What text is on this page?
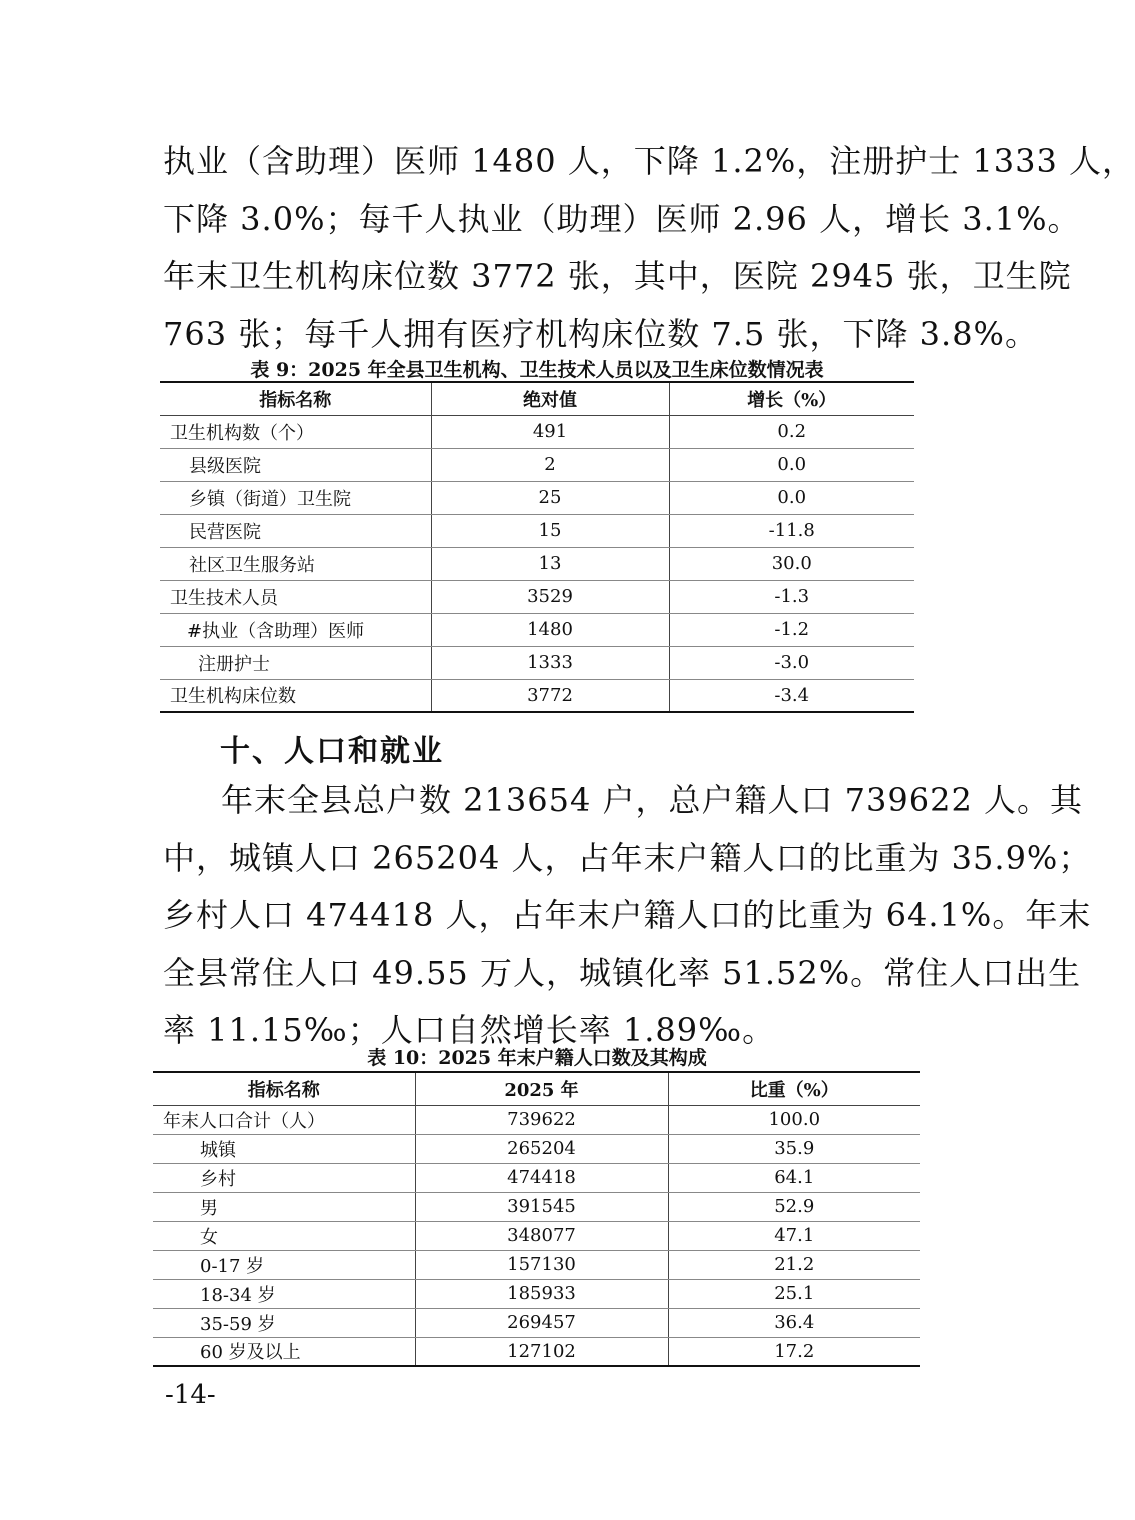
执业（含助理）医师 1480 人，下降 1.2%，注册护士 1333 人，
下降 3.0%；每千人执业（助理）医师 2.96 人，增长 3.1%。
年末卫生机构床位数 3772 张，其中，医院 2945 张，卫生院
763 张；每千人拥有医疗机构床位数 7.5 张，下降 3.8%。
表 9：2025 年全县卫生机构、卫生技术人员以及卫生床位数情况表
指标名称	绝对值	增长（%）
卫生机构数（个）	491	0.2
县级医院	2	0.0
乡镇（街道）卫生院	25	0.0
民营医院	15	-11.8
社区卫生服务站	13	30.0
卫生技术人员	3529	-1.3
#执业（含助理）医师	1480	-1.2
注册护士	1333	-3.0
卫生机构床位数	3772	-3.4
十、人口和就业
年末全县总户数 213654 户，总户籍人口 739622 人。其
中，城镇人口 265204 人，占年末户籍人口的比重为 35.9%；
乡村人口 474418 人，占年末户籍人口的比重为 64.1%。年末
全县常住人口 49.55 万人，城镇化率 51.52%。常住人口出生
率 11.15‰；人口自然增长率 1.89‰。
表 10：2025 年末户籍人口数及其构成
指标名称	2025 年	比重（%）
年末人口合计（人）	739622	100.0
城镇	265204	35.9
乡村	474418	64.1
男	391545	52.9
女	348077	47.1
0-17 岁	157130	21.2
18-34 岁	185933	25.1
35-59 岁	269457	36.4
60 岁及以上	127102	17.2
-14-
